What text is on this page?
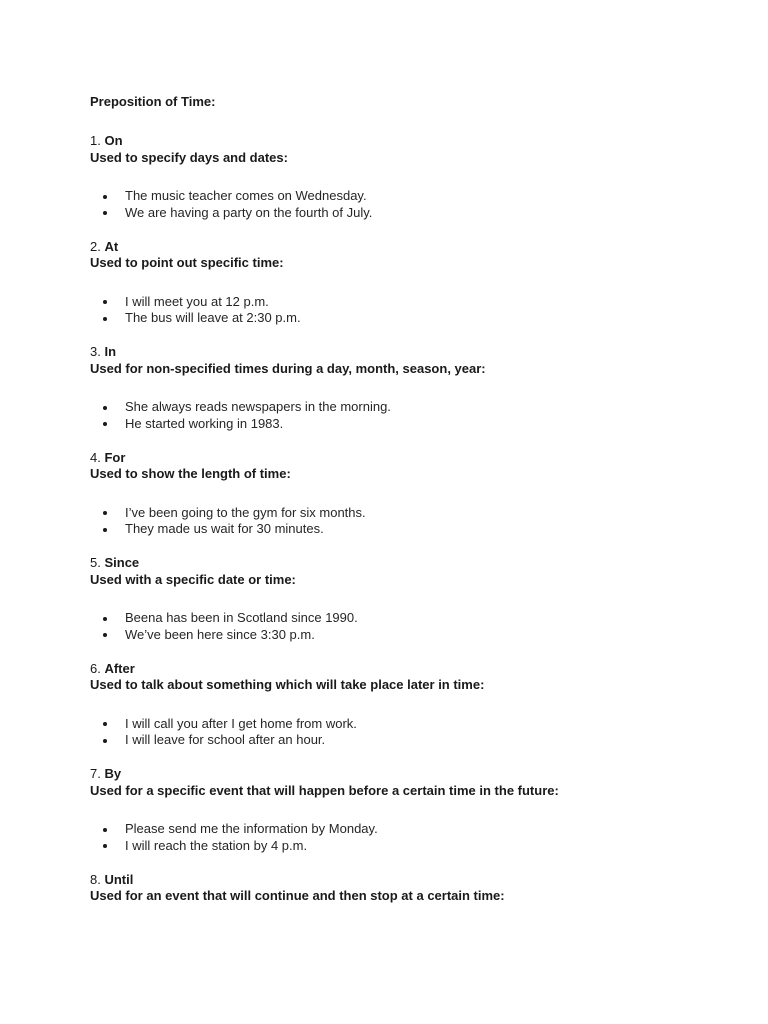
Preposition of Time:
1. On
Used to specify days and dates:
The music teacher comes on Wednesday.
We are having a party on the fourth of July.
2. At
Used to point out specific time:
I will meet you at 12 p.m.
The bus will leave at 2:30 p.m.
3. In
Used for non-specified times during a day, month, season, year:
She always reads newspapers in the morning.
He started working in 1983.
4. For
Used to show the length of time:
I’ve been going to the gym for six months.
They made us wait for 30 minutes.
5. Since
Used with a specific date or time:
Beena has been in Scotland since 1990.
We’ve been here since 3:30 p.m.
6. After
Used to talk about something which will take place later in time:
I will call you after I get home from work.
I will leave for school after an hour.
7. By
Used for a specific event that will happen before a certain time in the future:
Please send me the information by Monday.
I will reach the station by 4 p.m.
8. Until
Used for an event that will continue and then stop at a certain time:
